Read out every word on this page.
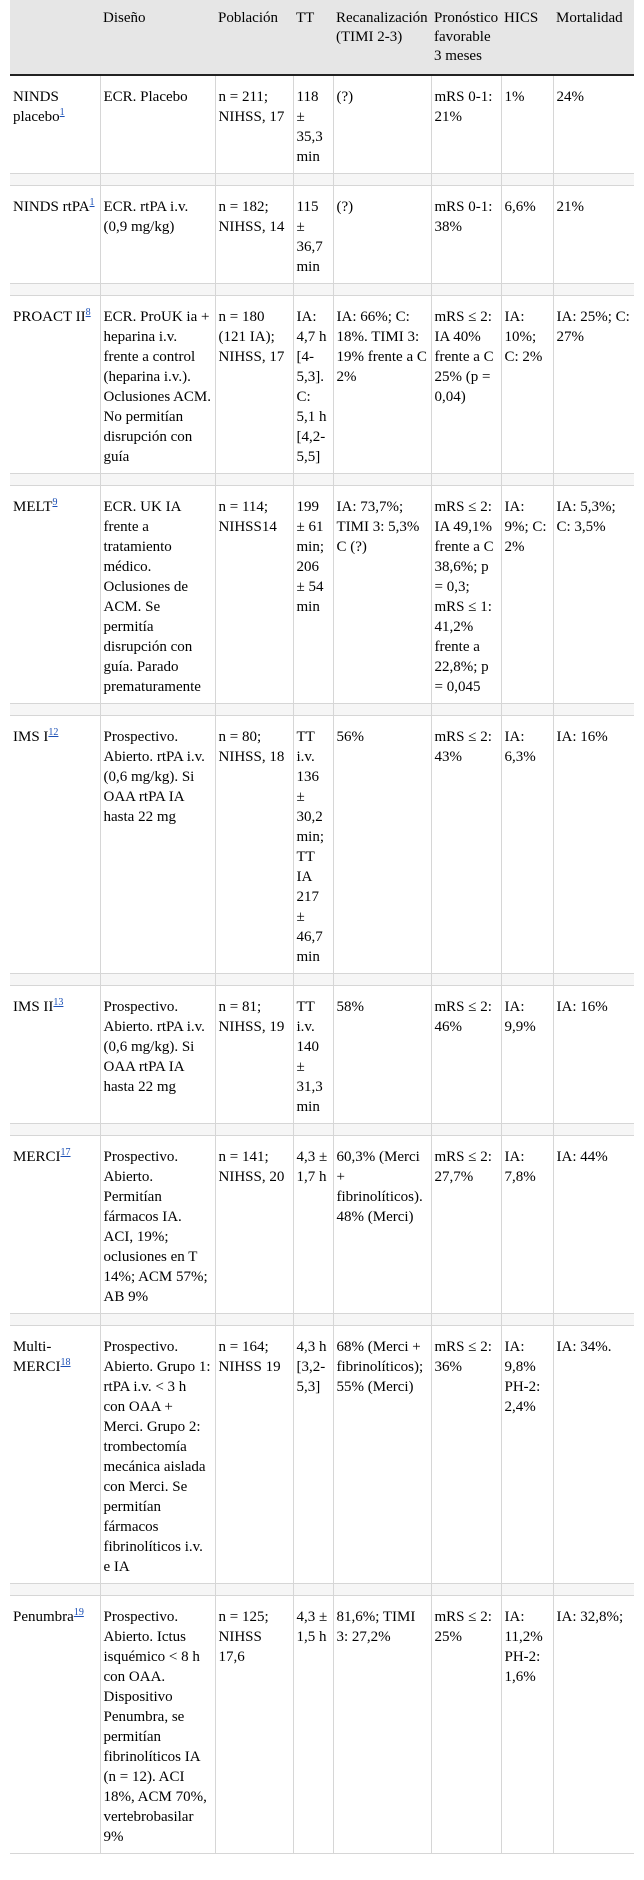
	Diseño	Población	TT	Recanalización (TIMI 2-3)	Pronóstico favorable 3 meses	HICS	Mortalidad
NINDS placebo$^1$	ECR. Placebo	n = 211; NIHSS, 17	118 ± 35,3 min	(?)	mRS 0-1: 21%	1%	24%

NINDS rtPA$^1$	ECR. rtPA i.v. (0,9 mg/kg)	n = 182; NIHSS, 14	115 ± 36,7 min	(?)	mRS 0-1: 38%	6,6%	21%

PROACT II$^8$	ECR. ProUK ia + heparina i.v. frente a control (heparina i.v.). Oclusiones ACM. No permitían disrupción con guía	n = 180 (121 IA); NIHSS, 17	IA: 4,7 h [4-5,3]. C: 5,1 h [4,2-5,5]	IA: 66%; C: 18%. TIMI 3: 19% frente a C 2%	mRS ≤ 2: IA 40% frente a C 25% (p = 0,04)	IA: 10%; C: 2%	IA: 25%; C: 27%

MELT$^9$	ECR. UK IA frente a tratamiento médico. Oclusiones de ACM. Se permitía disrupción con guía. Parado prematuramente	n = 114; NIHSS14	199 ± 61 min; 206 ± 54 min	IA: 73,7%; TIMI 3: 5,3% C (?)	mRS ≤ 2: IA 49,1% frente a C 38,6%; p = 0,3; mRS ≤ 1: 41,2% frente a 22,8%; p = 0,045	IA: 9%; C: 2%	IA: 5,3%; C: 3,5%

IMS I$^{12}$	Prospectivo. Abierto. rtPA i.v. (0,6 mg/kg). Si OAA rtPA IA hasta 22 mg	n = 80; NIHSS, 18	TT i.v. 136 ± 30,2 min; TT IA 217 ± 46,7 min	56%	mRS ≤ 2: 43%	IA: 6,3%	IA: 16%

IMS II$^{13}$	Prospectivo. Abierto. rtPA i.v. (0,6 mg/kg). Si OAA rtPA IA hasta 22 mg	n = 81; NIHSS, 19	TT i.v. 140 ± 31,3 min	58%	mRS ≤ 2: 46%	IA: 9,9%	IA: 16%

MERCI$^{17}$	Prospectivo. Abierto. Permitían fármacos IA. ACI, 19%; oclusiones en T 14%; ACM 57%; AB 9%	n = 141; NIHSS, 20	4,3 ± 1,7 h	60,3% (Merci + fibrinolíticos). 48% (Merci)	mRS ≤ 2: 27,7%	IA: 7,8%	IA: 44%

Multi-MERCI$^{18}$	Prospectivo. Abierto. Grupo 1: rtPA i.v. < 3 h con OAA + Merci. Grupo 2: trombectomía mecánica aislada con Merci. Se permitían fármacos fibrinolíticos i.v. e IA	n = 164; NIHSS 19	4,3 h [3,2-5,3]	68% (Merci + fibrinolíticos); 55% (Merci)	mRS ≤ 2: 36%	IA: 9,8% PH-2: 2,4%	IA: 34%.

Penumbra$^{19}$	Prospectivo. Abierto. Ictus isquémico < 8 h con OAA. Dispositivo Penumbra, se permitían fibrinolíticos IA (n = 12). ACI 18%, ACM 70%, vertebrobasilar 9%	n = 125; NIHSS 17,6	4,3 ± 1,5 h	81,6%; TIMI 3: 27,2%	mRS ≤ 2: 25%	IA: 11,2% PH-2: 1,6%	IA: 32,8%;
